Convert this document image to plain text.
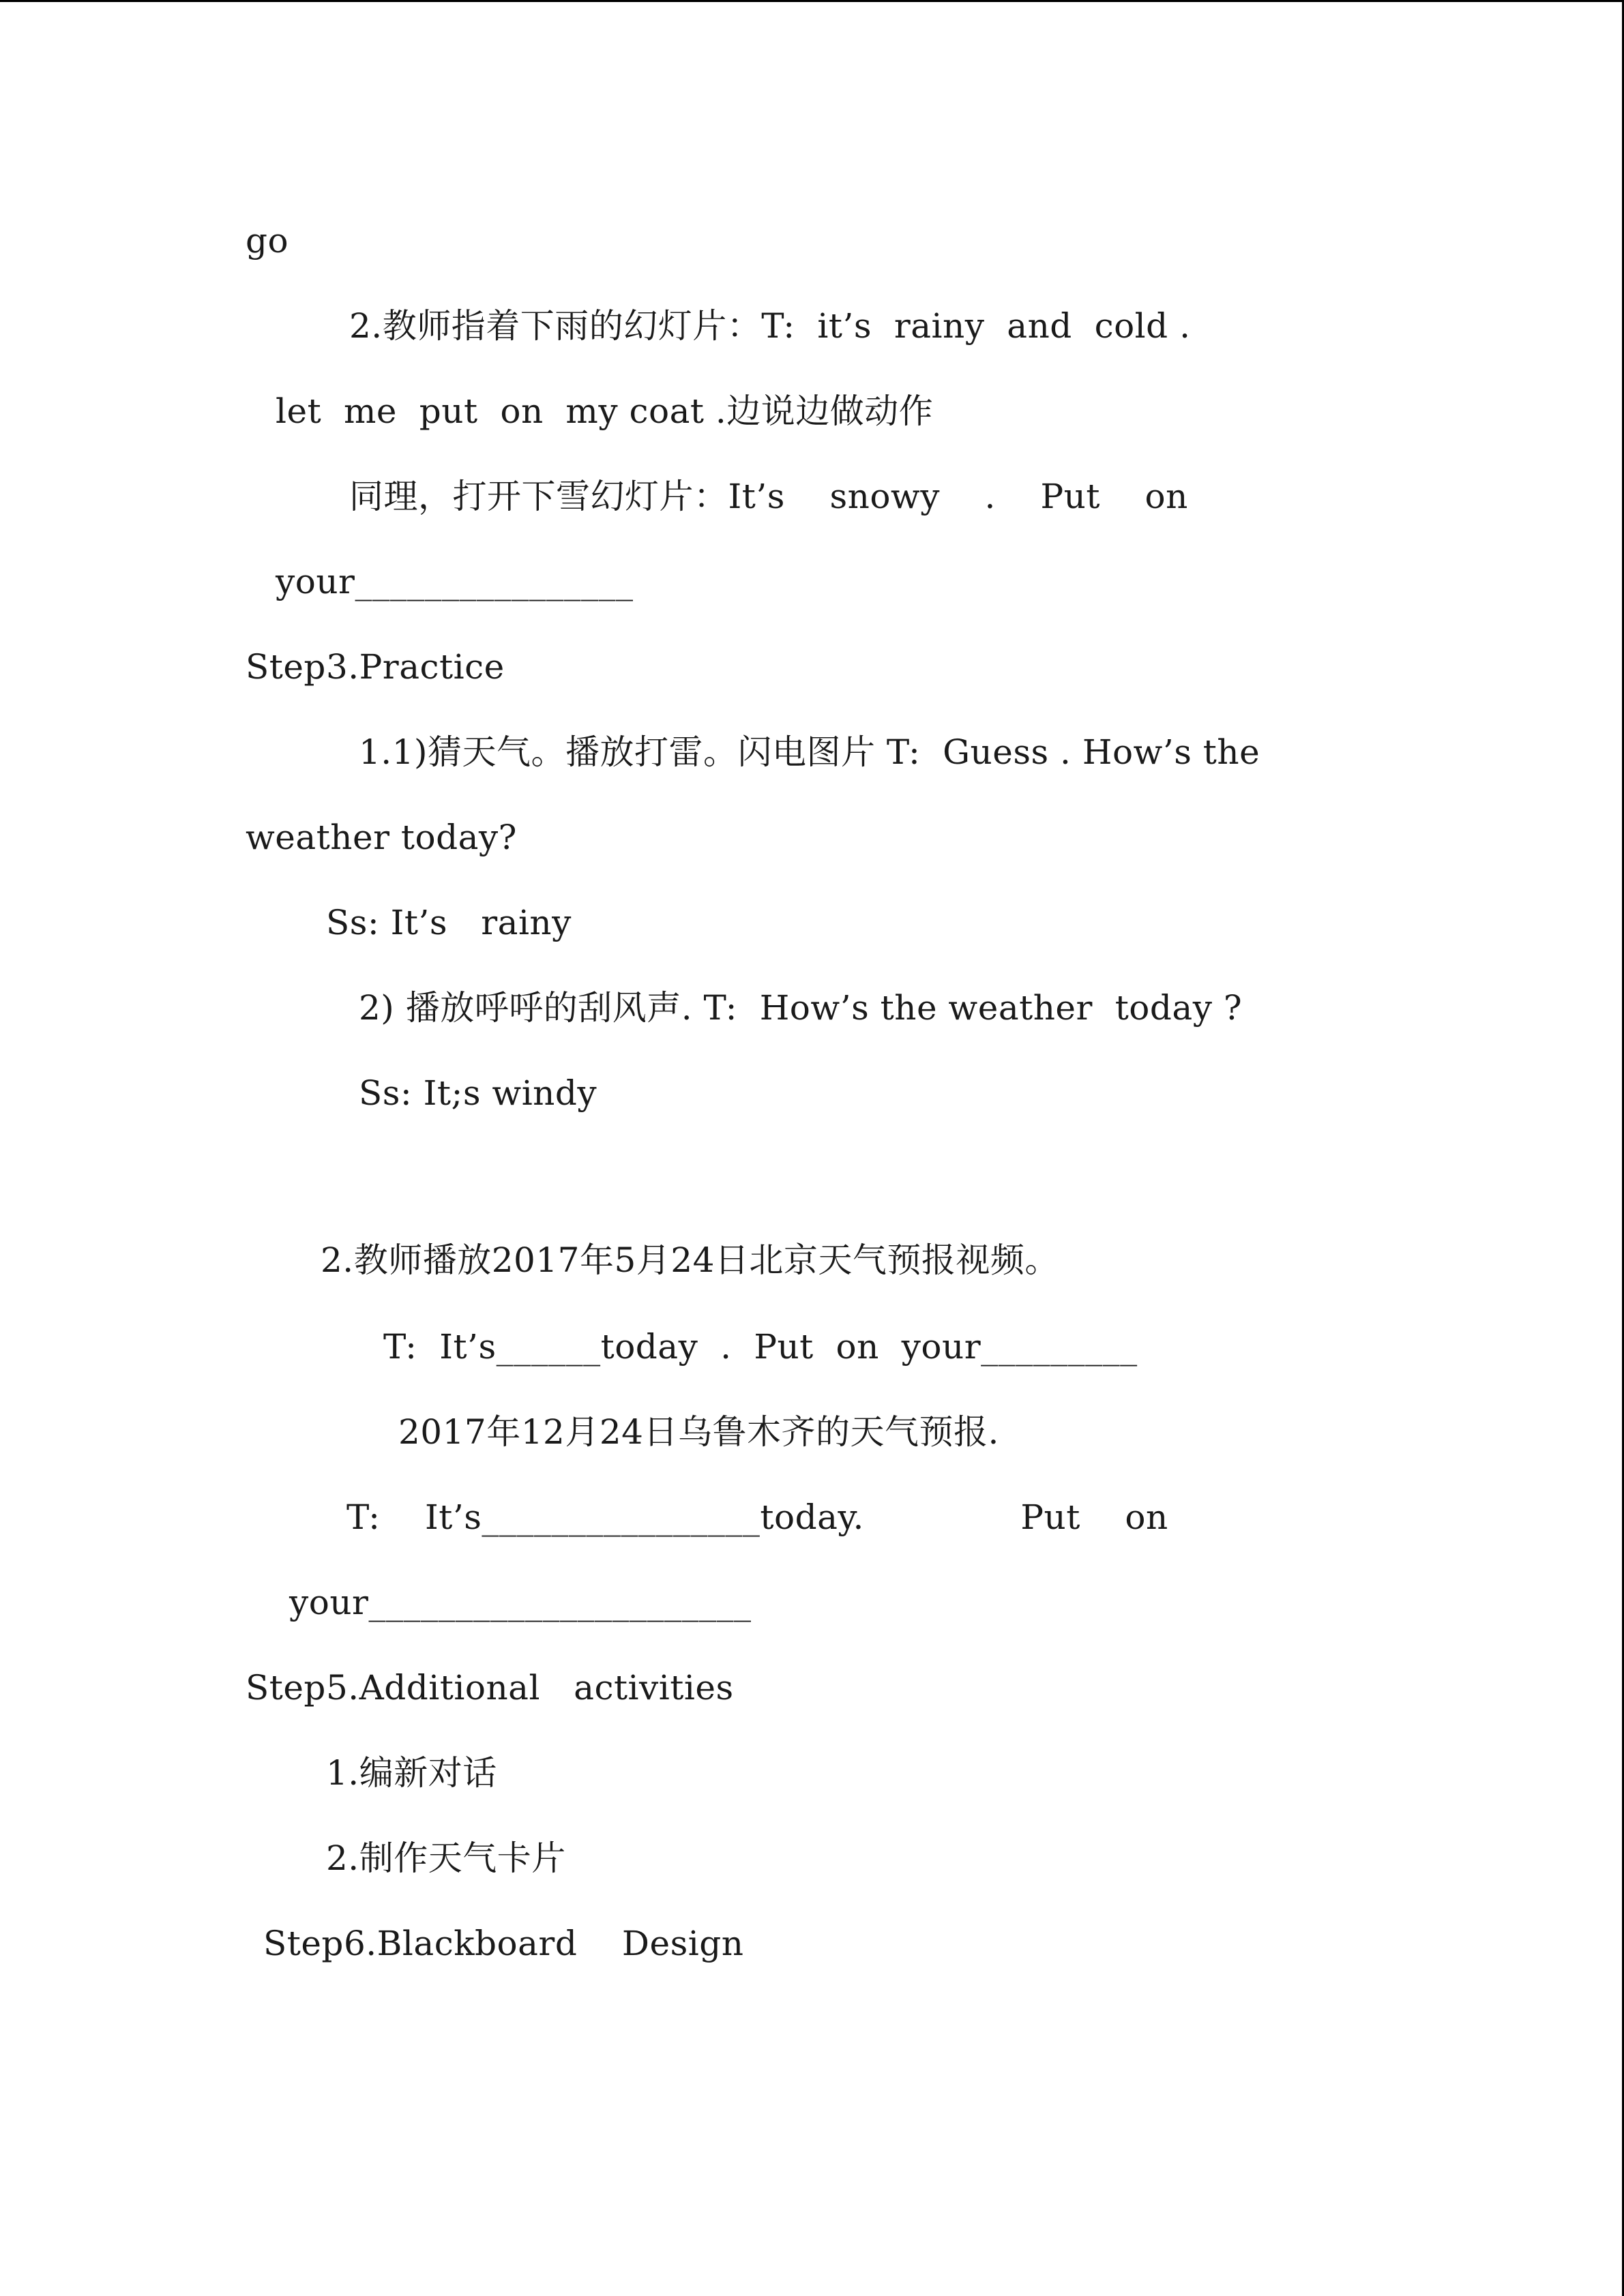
go
2.教师指着下雨的幻灯片：T:  it’s  rainy  and  cold .
let  me  put  on  my coat .边说边做动作
同理，打开下雪幻灯片：It’s    snowy    .    Put    on
your________________
Step3.Practice
1.1)猜天气。播放打雷。闪电图片 T:  Guess . How’s the
weather today?
Ss: It’s   rainy
2) 播放呼呼的刮风声. T:  How’s the weather  today ?
Ss: It;s windy
2.教师播放2017年5月24日北京天气预报视频。
T:  It’s______today  .  Put  on  your_________
2017年12月24日乌鲁木齐的天气预报.
T:    It’s________________today.              Put    on
your______________________
Step5.Additional   activities
1.编新对话
2.制作天气卡片
Step6.Blackboard    Design
